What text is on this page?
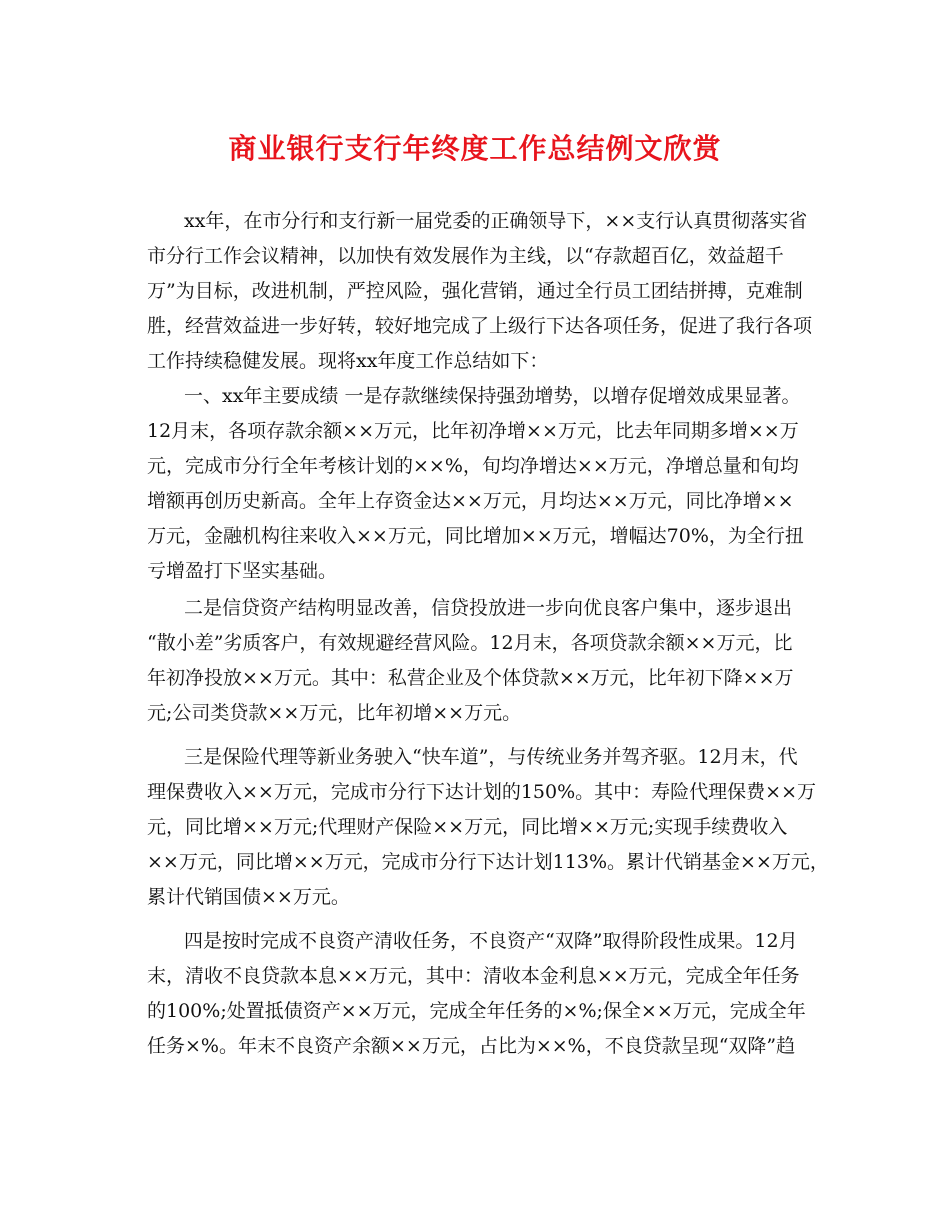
商业银行支行年终度工作总结例文欣赏
xx年，在市分行和支行新一届党委的正确领导下，××支行认真贯彻落实省
市分行工作会议精神，以加快有效发展作为主线，以“存款超百亿，效益超千
万”为目标，改进机制，严控风险，强化营销，通过全行员工团结拼搏，克难制
胜，经营效益进一步好转，较好地完成了上级行下达各项任务，促进了我行各项
工作持续稳健发展。现将xx年度工作总结如下：
一、xx年主要成绩 一是存款继续保持强劲增势，以增存促增效成果显著。
12月末，各项存款余额××万元，比年初净增××万元，比去年同期多增××万
元，完成市分行全年考核计划的××%，旬均净增达××万元，净增总量和旬均
增额再创历史新高。全年上存资金达××万元，月均达××万元，同比净增××
万元，金融机构往来收入××万元，同比增加××万元，增幅达70%，为全行扭
亏增盈打下坚实基础。
二是信贷资产结构明显改善，信贷投放进一步向优良客户集中，逐步退出
“散小差”劣质客户，有效规避经营风险。12月末，各项贷款余额××万元，比
年初净投放××万元。其中：私营企业及个体贷款××万元，比年初下降××万
元;公司类贷款××万元，比年初增××万元。
三是保险代理等新业务驶入“快车道”，与传统业务并驾齐驱。12月末，代
理保费收入××万元，完成市分行下达计划的150%。其中：寿险代理保费××万
元，同比增××万元;代理财产保险××万元，同比增××万元;实现手续费收入
××万元，同比增××万元，完成市分行下达计划113%。累计代销基金××万元，
累计代销国债××万元。
四是按时完成不良资产清收任务，不良资产“双降”取得阶段性成果。12月
末，清收不良贷款本息××万元，其中：清收本金利息××万元，完成全年任务
的100%;处置抵债资产××万元，完成全年任务的×%;保全××万元，完成全年
任务×%。年末不良资产余额××万元，占比为××%，不良贷款呈现“双降”趋
